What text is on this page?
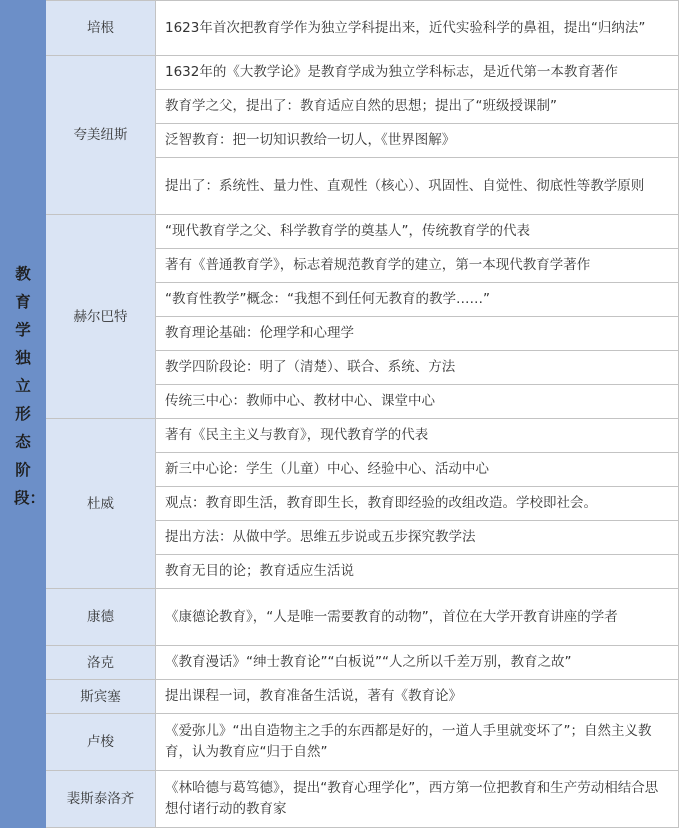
教育学独立形态阶段：	培根	1623年首次把教育学作为独立学科提出来，近代实验科学的鼻祖，提出“归纳法”
	夸美纽斯	1632年的《大教学论》是教育学成为独立学科标志，是近代第一本教育著作
		教育学之父，提出了：教育适应自然的思想；提出了“班级授课制”
		泛智教育：把一切知识教给一切人，《世界图解》
		提出了：系统性、量力性、直观性（核心）、巩固性、自觉性、彻底性等教学原则
	赫尔巴特	“现代教育学之父、科学教育学的奠基人”，传统教育学的代表
		著有《普通教育学》，标志着规范教育学的建立，第一本现代教育学著作
		“教育性教学”概念：“我想不到任何无教育的教学……”
		教育理论基础：伦理学和心理学
		教学四阶段论：明了（清楚）、联合、系统、方法
		传统三中心：教师中心、教材中心、课堂中心
	杜威	著有《民主主义与教育》，现代教育学的代表
		新三中心论：学生（儿童）中心、经验中心、活动中心
		观点：教育即生活，教育即生长，教育即经验的改组改造。学校即社会。
		提出方法：从做中学。思维五步说或五步探究教学法
		教育无目的论；教育适应生活说
	康德	《康德论教育》，“人是唯一需要教育的动物”，首位在大学开教育讲座的学者
	洛克	《教育漫话》“绅士教育论”“白板说”“人之所以千差万别，教育之故”
	斯宾塞	提出课程一词，教育准备生活说，著有《教育论》
	卢梭	《爱弥儿》“出自造物主之手的东西都是好的，一道人手里就变坏了”；自然主义教育，认为教育应“归于自然”
	裴斯泰洛齐	《林哈德与葛笃德》，提出“教育心理学化”，西方第一位把教育和生产劳动相结合思想付诸行动的教育家
